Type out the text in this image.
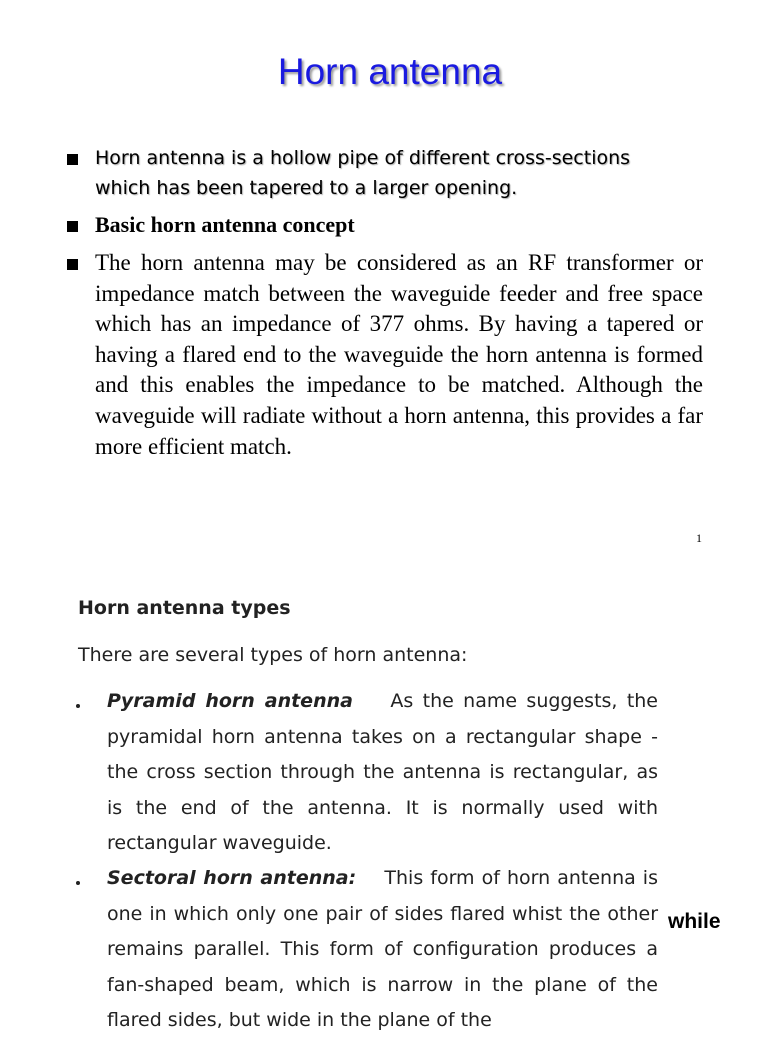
Horn antenna
Horn antenna is a hollow pipe of different cross-sections
which has been tapered to a larger opening.
Basic horn antenna concept
The horn antenna may be considered as an RF transformer or impedance match between the waveguide feeder and free space which has an impedance of 377 ohms. By having a tapered or having a flared end to the waveguide the horn antenna is formed and this enables the impedance to be matched. Although the waveguide will radiate without a horn antenna, this provides a far more efficient match.
1
Horn antenna types
There are several types of horn antenna:
Pyramid horn antenna As the name suggests, the pyramidal horn antenna takes on a rectangular shape - the cross section through the antenna is rectangular, as is the end of the antenna. It is normally used with rectangular waveguide.
Sectoral horn antenna: This form of horn antenna is one in which only one pair of sides flared whist the other remains parallel. This form of configuration produces a fan-shaped beam, which is narrow in the plane of the flared sides, but wide in the plane of the
while
